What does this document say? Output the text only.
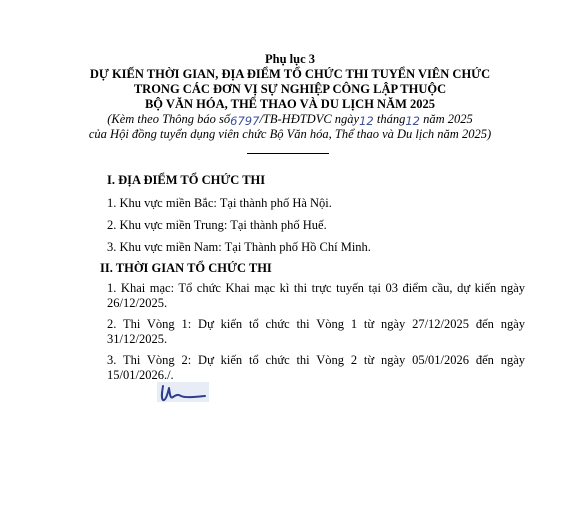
Phụ lục 3
DỰ KIẾN THỜI GIAN, ĐỊA ĐIỂM TỔ CHỨC THI TUYỂN VIÊN CHỨC
TRONG CÁC ĐƠN VỊ SỰ NGHIỆP CÔNG LẬP THUỘC
BỘ VĂN HÓA, THỂ THAO VÀ DU LỊCH NĂM 2025
(Kèm theo Thông báo số6797/TB-HĐTDVC ngày12 tháng12 năm 2025
của Hội đồng tuyển dụng viên chức Bộ Văn hóa, Thể thao và Du lịch năm 2025)

I. ĐỊA ĐIỂM TỔ CHỨC THI

1. Khu vực miền Bắc: Tại thành phố Hà Nội.

2. Khu vực miền Trung: Tại thành phố Huế.

3. Khu vực miền Nam: Tại Thành phố Hồ Chí Minh.

II. THỜI GIAN TỔ CHỨC THI

1. Khai mạc: Tổ chức Khai mạc kì thi trực tuyến tại 03 điểm cầu, dự kiến ngày 26/12/2025.

2. Thi Vòng 1: Dự kiến tổ chức thi Vòng 1 từ ngày 27/12/2025 đến ngày 31/12/2025.

3. Thi Vòng 2: Dự kiến tổ chức thi Vòng 2 từ ngày 05/01/2026 đến ngày 15/01/2026./.
